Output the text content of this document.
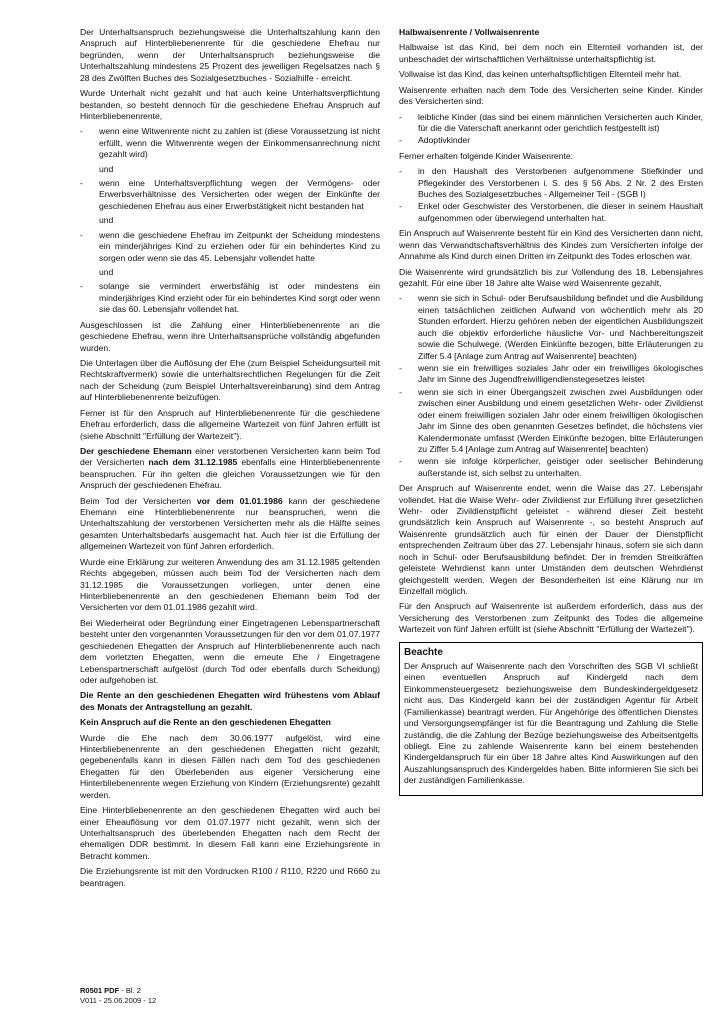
Der Unterhaltsanspruch beziehungsweise die Unterhaltszahlung kann den Anspruch auf Hinterbliebenenrente für die geschiedene Ehefrau nur begründen, wenn der Unterhaltsanspruch beziehungsweise die Unterhaltszahlung mindestens 25 Prozent des jeweiligen Regelsatzes nach § 28 des Zwölften Buches des Sozialgesetzbuches - Sozialhilfe - erreicht.

Wurde Unterhalt nicht gezahlt und hat auch keine Unterhaltsverpflichtung bestanden, so besteht dennoch für die geschiedene Ehefrau Anspruch auf Hinterbliebenenrente,

-	wenn eine Witwenrente nicht zu zahlen ist (diese Voraussetzung ist nicht erfüllt, wenn die Witwenrente wegen der Einkommensanrechnung nicht gezahlt wird)
und
-	wenn eine Unterhaltsverpflichtung wegen der Vermögens- oder Erwerbsverhältnisse des Versicherten oder wegen der Einkünfte der geschiedenen Ehefrau aus einer Erwerbstätigkeit nicht bestanden hat
und
-	wenn die geschiedene Ehefrau im Zeitpunkt der Scheidung mindestens ein minderjähriges Kind zu erziehen oder für ein behindertes Kind zu sorgen oder wenn sie das 45. Lebensjahr vollendet hatte
und
-	solange sie vermindert erwerbsfähig ist oder mindestens ein minderjähriges Kind erzieht oder für ein behindertes Kind sorgt oder wenn sie das 60. Lebensjahr vollendet hat.

Ausgeschlossen ist die Zahlung einer Hinterbliebenenrente an die geschiedene Ehefrau, wenn ihre Unterhaltsansprüche vollständig abgefunden wurden.

Die Unterlagen über die Auflösung der Ehe (zum Beispiel Scheidungsurteil mit Rechtskraftvermerk) sowie die unterhaltsrechtlichen Regelungen für die Zeit nach der Scheidung (zum Beispiel Unterhaltsvereinbarung) sind dem Antrag auf Hinterbliebenenrente beizufügen.

Ferner ist für den Anspruch auf Hinterbliebenenrente für die geschiedene Ehefrau erforderlich, dass die allgemeine Wartezeit von fünf Jahren erfüllt ist (siehe Abschnitt "Erfüllung der Wartezeit").

Der geschiedene Ehemann einer verstorbenen Versicherten kann beim Tod der Versicherten nach dem 31.12.1985 ebenfalls eine Hinterbliebenenrente beanspruchen. Für ihn gelten die gleichen Voraussetzungen wie für den Anspruch der geschiedenen Ehefrau.

Beim Tod der Versicherten vor dem 01.01.1986 kann der geschiedene Ehemann eine Hinterbliebenenrente nur beanspruchen, wenn die Unterhaltszahlung der verstorbenen Versicherten mehr als die Hälfte seines gesamten Unterhaltsbedarfs ausgemacht hat. Auch hier ist die Erfüllung der allgemeinen Wartezeit von fünf Jahren erforderlich.

Wurde eine Erklärung zur weiteren Anwendung des am 31.12.1985 geltenden Rechts abgegeben, müssen auch beim Tod der Versicherten nach dem 31.12.1985 die Voraussetzungen vorliegen, unter denen eine Hinterbliebenenrente an den geschiedenen Ehemann beim Tod der Versicherten vor dem 01.01.1986 gezahlt wird.

Bei Wiederheirat oder Begründung einer Eingetragenen Lebenspartnerschaft besteht unter den vorgenannten Voraussetzungen für den vor dem 01.07.1977 geschiedenen Ehegatten der Anspruch auf Hinterbliebenenrente auch nach dem vorletzten Ehegatten, wenn die erneute Ehe / Eingetragene Lebenspartnerschaft aufgelöst (durch Tod oder ebenfalls durch Scheidung) oder aufgehoben ist.

Die Rente an den geschiedenen Ehegatten wird frühestens vom Ablauf des Monats der Antragstellung an gezahlt.

Kein Anspruch auf die Rente an den geschiedenen Ehegatten

Wurde die Ehe nach dem 30.06.1977 aufgelöst, wird eine Hinterbliebenenrente an den geschiedenen Ehegatten nicht gezahlt; gegebenenfalls kann in diesen Fällen nach dem Tod des geschiedenen Ehegatten für den Überlebenden aus eigener Versicherung eine Hinterbliebenenrente wegen Erziehung von Kindern (Erziehungsrente) gezahlt werden.

Eine Hinterbliebenenrente an den geschiedenen Ehegatten wird auch bei einer Eheauflösung vor dem 01.07.1977 nicht gezahlt, wenn sich der Unterhaltsanspruch des überlebenden Ehegatten nach dem Recht der ehemaligen DDR bestimmt. In diesem Fall kann eine Erziehungsrente in Betracht kommen.

Die Erziehungsrente ist mit den Vordrucken R100 / R110, R220 und R660 zu beantragen.

Halbwaisenrente / Vollwaisenrente

Halbwaise ist das Kind, bei dem noch ein Elternteil vorhanden ist, der unbeschadet der wirtschaftlichen Verhältnisse unterhaltspflichtig ist.

Vollwaise ist das Kind, das keinen unterhaltspflichtigen Elternteil mehr hat.

Waisenrente erhalten nach dem Tode des Versicherten seine Kinder. Kinder des Versicherten sind:

-	leibliche Kinder (das sind bei einem männlichen Versicherten auch Kinder, für die die Vaterschaft anerkannt oder gerichtlich festgestellt ist)
-	Adoptivkinder

Ferner erhalten folgende Kinder Waisenrente:

-	in den Haushalt des Verstorbenen aufgenommene Stiefkinder und Pflegekinder des Verstorbenen i. S. des § 56 Abs. 2 Nr. 2 des Ersten Buches des Sozialgesetzbuches - Allgemeiner Teil - (SGB I)
-	Enkel oder Geschwister des Verstorbenen, die dieser in seinem Haushalt aufgenommen oder überwiegend unterhalten hat.

Ein Anspruch auf Waisenrente besteht für ein Kind des Versicherten dann nicht, wenn das Verwandtschaftsverhältnis des Kindes zum Versicherten infolge der Annahme als Kind durch einen Dritten im Zeitpunkt des Todes erloschen war.

Die Waisenrente wird grundsätzlich bis zur Vollendung des 18. Lebensjahres gezahlt. Für eine über 18 Jahre alte Waise wird Waisenrente gezahlt,

-	wenn sie sich in Schul- oder Berufsausbildung befindet und die Ausbildung einen tatsächlichen zeitlichen Aufwand von wöchentlich mehr als 20 Stunden erfordert. Hierzu gehören neben der eigentlichen Ausbildungszeit auch die objektiv erforderliche häusliche Vor- und Nachbereitungszeit sowie die Schulwege. (Werden Einkünfte bezogen, bitte Erläuterungen zu Ziffer 5.4 [Anlage zum Antrag auf Waisenrente] beachten)
-	wenn sie ein freiwilliges soziales Jahr oder ein freiwilliges ökologisches Jahr im Sinne des Jugendfreiwilligendienstegesetzes leistet
-	wenn sie sich in einer Übergangszeit zwischen zwei Ausbildungen oder zwischen einer Ausbildung und einem gesetzlichen Wehr- oder Zivildienst oder einem freiwilligen sozialen Jahr oder einem freiwilligen ökologischen Jahr im Sinne des oben genannten Gesetzes befindet, die höchstens vier Kalendermonate umfasst (Werden Einkünfte bezogen, bitte Erläuterungen zu Ziffer 5.4 [Anlage zum Antrag auf Waisenrente] beachten)
-	wenn sie infolge körperlicher, geistiger oder seelischer Behinderung außerstande ist, sich selbst zu unterhalten.

Der Anspruch auf Waisenrente endet, wenn die Waise das 27. Lebensjahr vollendet. Hat die Waise Wehr- oder Zivildienst zur Erfüllung ihrer gesetzlichen Wehr- oder Zivildienstpflicht geleistet - während dieser Zeit besteht grundsätzlich kein Anspruch auf Waisenrente -, so besteht Anspruch auf Waisenrente grundsätzlich auch für einen der Dauer der Dienstpflicht entsprechenden Zeitraum über das 27. Lebensjahr hinaus, sofern sie sich dann noch in Schul- oder Berufsausbildung befindet. Der in fremden Streitkräften geleistete Wehrdienst kann unter Umständen dem deutschen Wehrdienst gleichgestellt werden. Wegen der Besonderheiten ist eine Klärung nur im Einzelfall möglich.

Für den Anspruch auf Waisenrente ist außerdem erforderlich, dass aus der Versicherung des Verstorbenen zum Zeitpunkt des Todes die allgemeine Wartezeit von fünf Jahren erfüllt ist (siehe Abschnitt "Erfüllung der Wartezeit").

Beachte

Der Anspruch auf Waisenrente nach den Vorschriften des SGB VI schließt einen eventuellen Anspruch auf Kindergeld nach dem Einkommensteuergesetz beziehungsweise dem Bundeskindergeldgesetz nicht aus. Das Kindergeld kann bei der zuständigen Agentur für Arbeit (Familienkasse) beantragt werden. Für Angehörige des öffentlichen Dienstes und Versorgungsempfänger ist für die Beantragung und Zahlung die Stelle zuständig, die die Zahlung der Bezüge beziehungsweise des Arbeitsentgelts obliegt. Eine zu zahlende Waisenrente kann bei einem bestehenden Kindergeldanspruch für ein über 18 Jahre altes Kind Auswirkungen auf den Auszahlungsanspruch des Kindergeldes haben. Bitte informieren Sie sich bei der zuständigen Familienkasse.

R0501 PDF - Bl. 2
V011 - 25.06.2009 - 12
